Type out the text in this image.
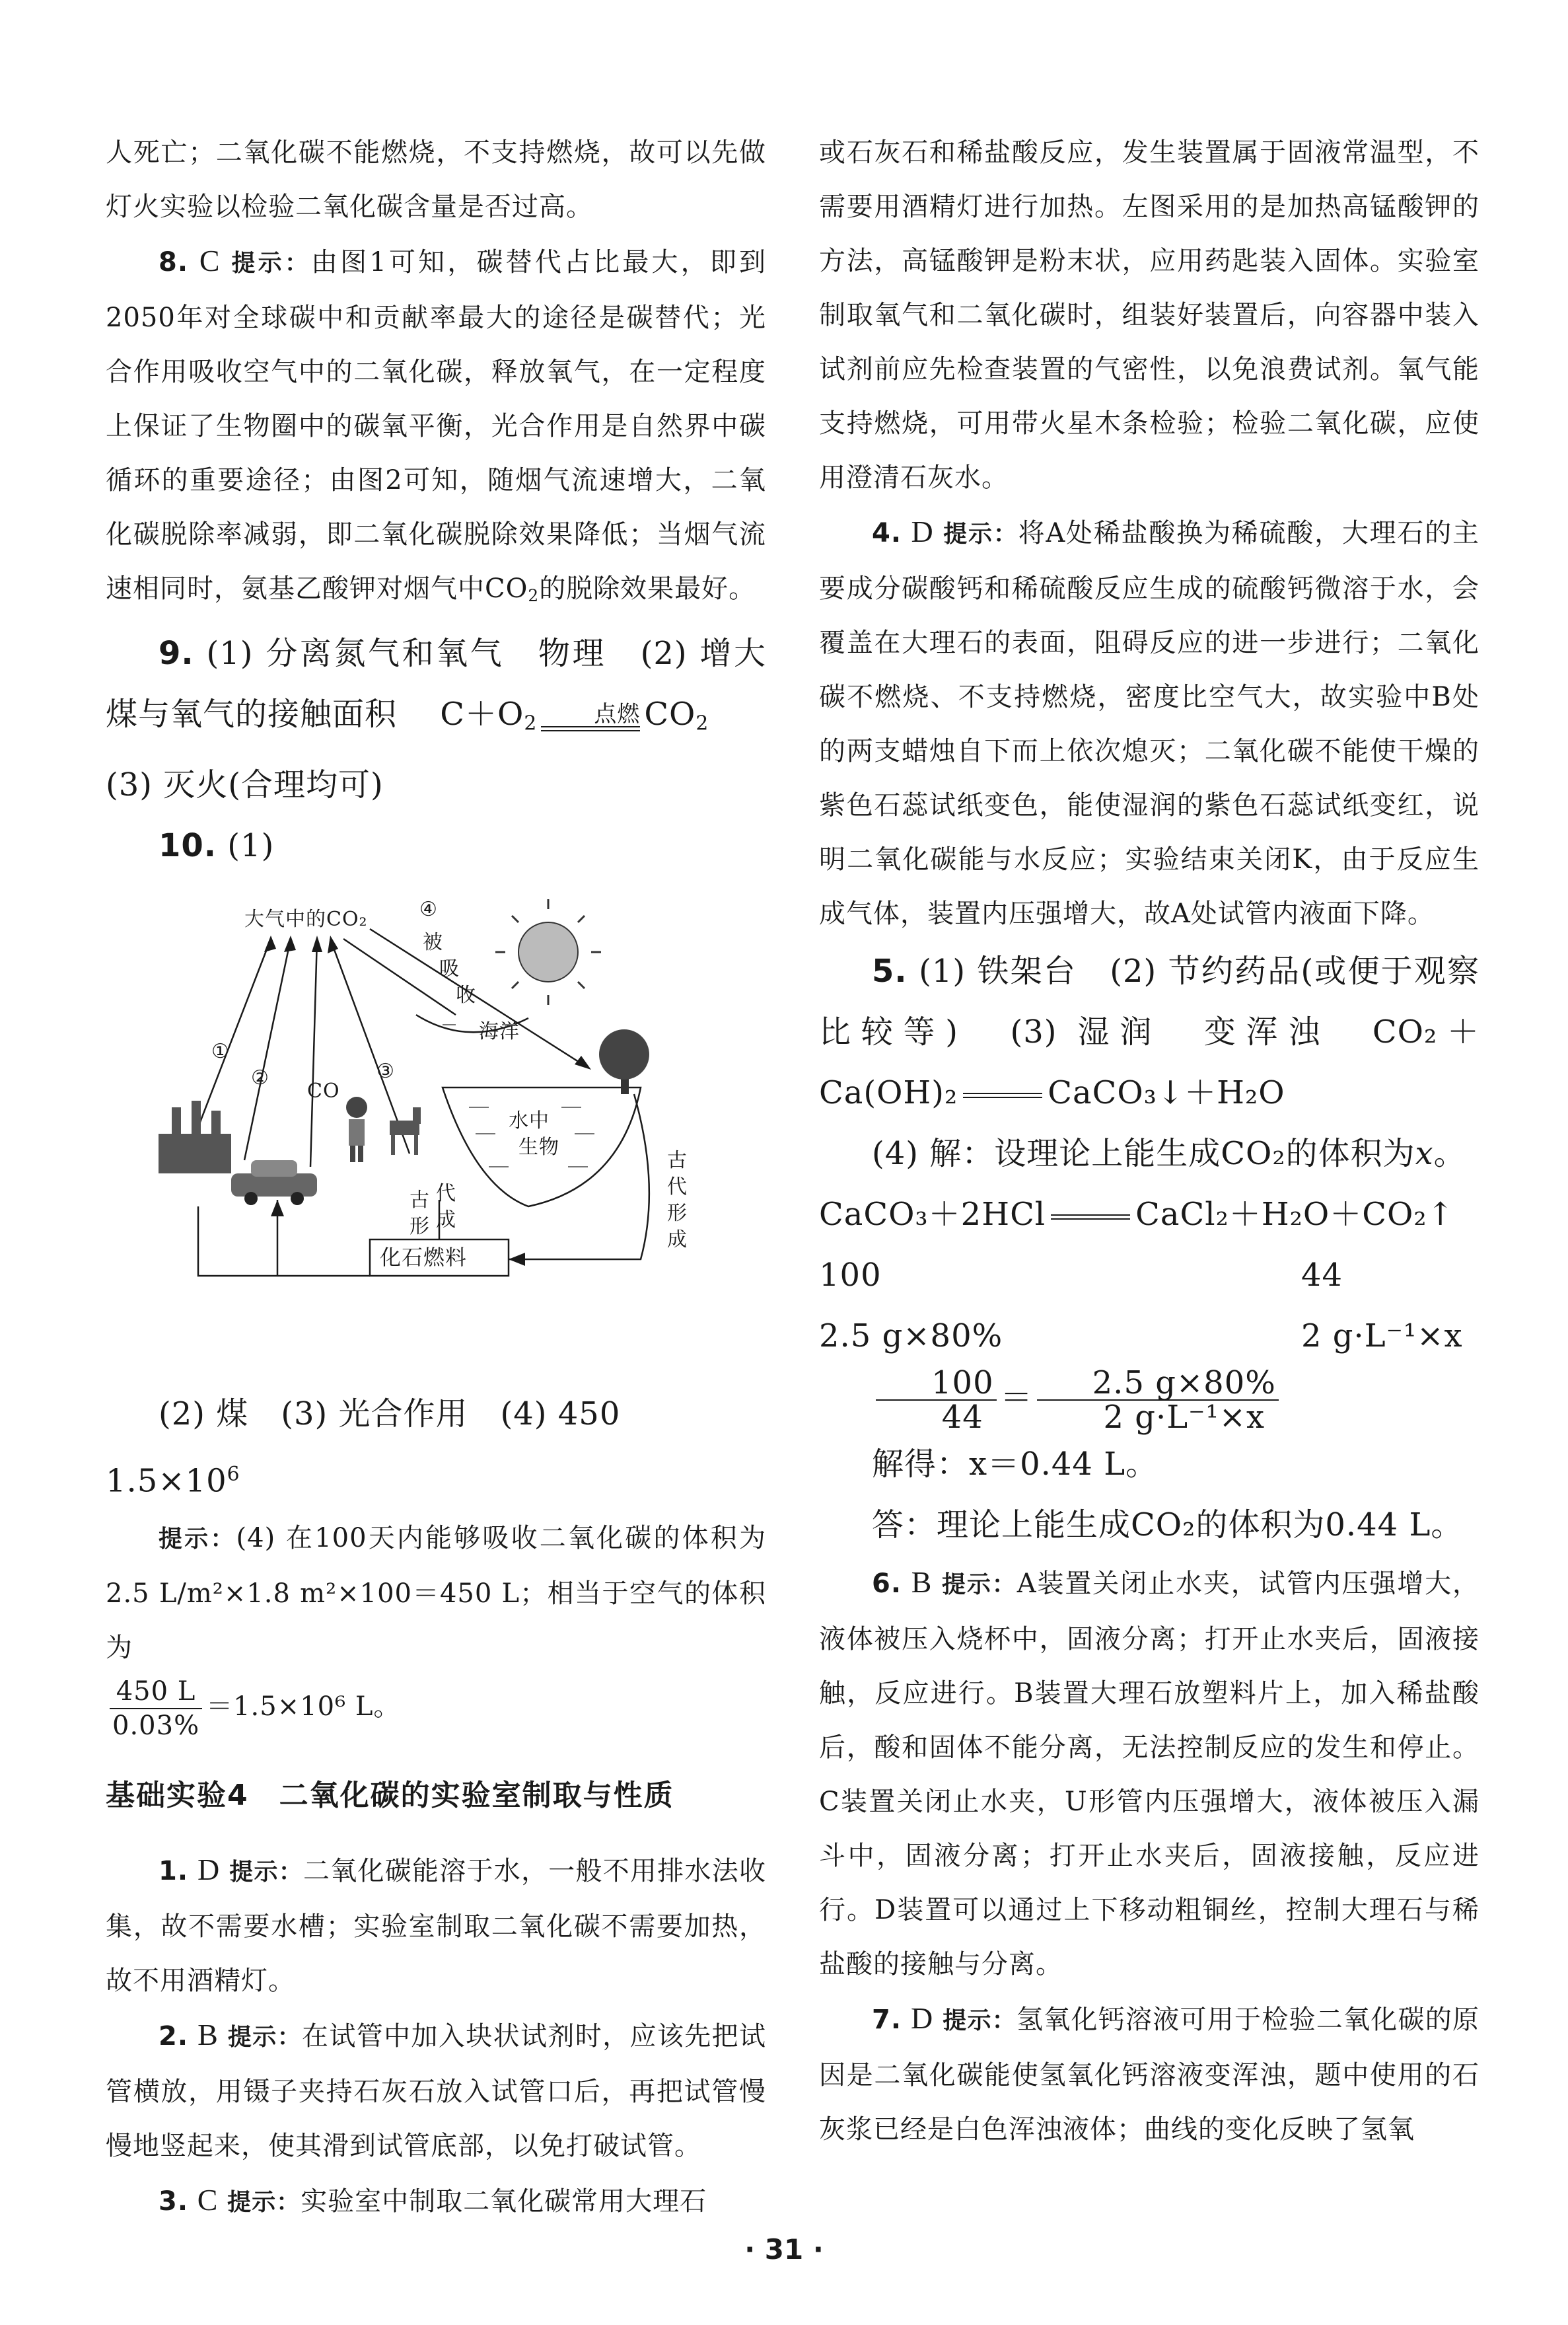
人死亡；二氧化碳不能燃烧，不支持燃烧，故可以先做灯火实验以检验二氧化碳含量是否过高。

8. C 提示：由图1可知，碳替代占比最大，即到2050年对全球碳中和贡献率最大的途径是碳替代；光合作用吸收空气中的二氧化碳，释放氧气，在一定程度上保证了生物圈中的碳氧平衡，光合作用是自然界中碳循环的重要途径；由图2可知，随烟气流速增大，二氧化碳脱除率减弱，即二氧化碳脱除效果降低；当烟气流速相同时，氨基乙酸钾对烟气中$CO_2$的脱除效果最好。

9. (1) 分离氮气和氧气　物理　(2) 增大煤与氧气的接触面积　 $C+O_2$	点燃 $CO_2$

(3) 灭火(合理均可)

10. (1)

大气中的CO₂	④
被
吸
收
①
②	③
CO
海洋
水中
生物
古
形
代
成
古
代
形
成
化石燃料

(2) 煤　(3) 光合作用　(4) 450

$1.5\times 10^6$

提示：(4) 在100天内能够吸收二氧化碳的体积为2.5 L/m²×1.8 m²×100＝450 L；相当于空气的体积为

$\frac{450 L}{0.03\%} =1.5\times 10^6$ L。

基础实验4　二氧化碳的实验室制取与性质

1. D 提示：二氧化碳能溶于水，一般不用排水法收集，故不需要水槽；实验室制取二氧化碳不需要加热，故不用酒精灯。

2. B 提示：在试管中加入块状试剂时，应该先把试管横放，用镊子夹持石灰石放入试管口后，再把试管慢慢地竖起来，使其滑到试管底部，以免打破试管。

3. C 提示：实验室中制取二氧化碳常用大理石

或石灰石和稀盐酸反应，发生装置属于固液常温型，不需要用酒精灯进行加热。左图采用的是加热高锰酸钾的方法，高锰酸钾是粉末状，应用药匙装入固体。实验室制取氧气和二氧化碳时，组装好装置后，向容器中装入试剂前应先检查装置的气密性，以免浪费试剂。氧气能支持燃烧，可用带火星木条检验；检验二氧化碳，应使用澄清石灰水。

4. D 提示：将A处稀盐酸换为稀硫酸，大理石的主要成分碳酸钙和稀硫酸反应生成的硫酸钙微溶于水，会覆盖在大理石的表面，阻碍反应的进一步进行；二氧化碳不燃烧、不支持燃烧，密度比空气大，故实验中B处的两支蜡烛自下而上依次熄灭；二氧化碳不能使干燥的紫色石蕊试纸变色，能使湿润的紫色石蕊试纸变红，说明二氧化碳能与水反应；实验结束关闭K，由于反应生成气体，装置内压强增大，故A处试管内液面下降。

5. (1) 铁架台　(2) 节约药品(或便于观察比较等)　(3) 湿润　变浑浊　CO₂＋Ca(OH)₂	CaCO₃↓＋H₂O

(4) 解：设理论上能生成CO₂的体积为x。

CaCO₃＋2HCl	CaCl₂＋H₂O＋CO₂↑

100	44
2.5 g×80%	2 g·L⁻¹×x

$\frac{100}{44} = \frac{2.5 g\times 80\%}{\text{2 g·L⁻¹×x}}$

解得：x＝0.44 L。

答：理论上能生成CO₂的体积为0.44 L。

6. B 提示：A装置关闭止水夹，试管内压强增大，液体被压入烧杯中，固液分离；打开止水夹后，固液接触，反应进行。B装置大理石放塑料片上，加入稀盐酸后，酸和固体不能分离，无法控制反应的发生和停止。C装置关闭止水夹，U形管内压强增大，液体被压入漏斗中，固液分离；打开止水夹后，固液接触，反应进行。D装置可以通过上下移动粗铜丝，控制大理石与稀盐酸的接触与分离。

7. D 提示：氢氧化钙溶液可用于检验二氧化碳的原因是二氧化碳能使氢氧化钙溶液变浑浊，题中使用的石灰浆已经是白色浑浊液体；曲线的变化反映了氢氧

· 31 ·
